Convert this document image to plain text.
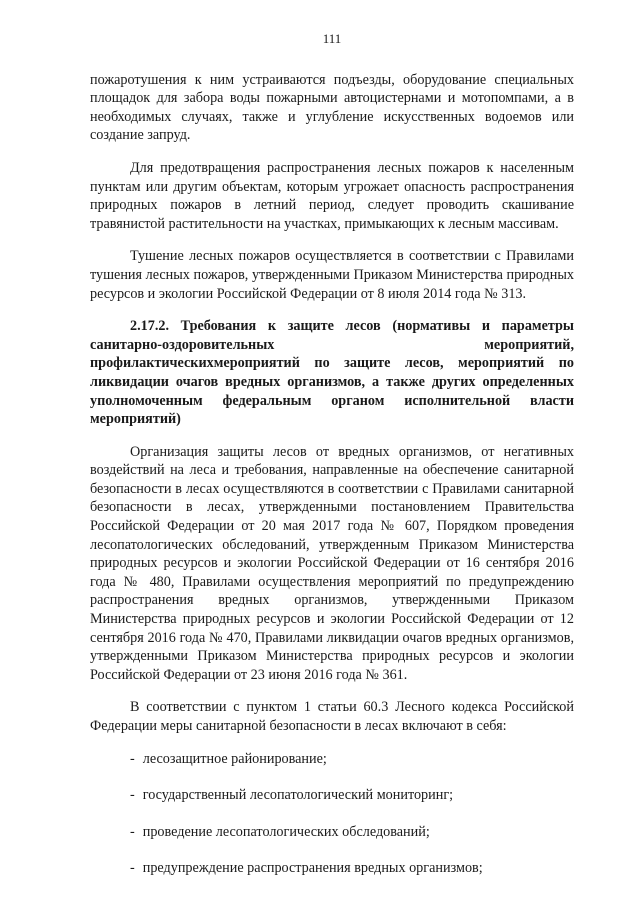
111

пожаротушения к ним устраиваются подъезды, оборудование специальных площадок для забора воды пожарными автоцистернами и мотопомпами, а в необходимых случаях, также и углубление искусственных водоемов или создание запруд.

Для предотвращения распространения лесных пожаров к населенным пунктам или другим объектам, которым угрожает опасность распространения природных пожаров в летний период, следует проводить скашивание травянистой растительности на участках, примыкающих к лесным массивам.

Тушение лесных пожаров осуществляется в соответствии с Правилами тушения лесных пожаров, утвержденными Приказом Министерства природных ресурсов и экологии Российской Федерации от 8 июля 2014 года № 313.

2.17.2. Требования к защите лесов (нормативы и параметры санитарно-оздоровительных мероприятий, профилактическихмероприятий по защите лесов, мероприятий по ликвидации очагов вредных организмов, а также других определенных уполномоченным федеральным органом исполнительной власти мероприятий)

Организация защиты лесов от вредных организмов, от негативных воздействий на леса и требования, направленные на обеспечение санитарной безопасности в лесах осуществляются в соответствии с Правилами санитарной безопасности в лесах, утвержденными постановлением Правительства Российской Федерации от 20 мая 2017 года № 607, Порядком проведения лесопатологических обследований, утвержденным Приказом Министерства природных ресурсов и экологии Российской Федерации от 16 сентября 2016 года № 480, Правилами осуществления мероприятий по предупреждению распространения вредных организмов, утвержденными Приказом Министерства природных ресурсов и экологии Российской Федерации от 12 сентября 2016 года № 470, Правилами ликвидации очагов вредных организмов, утвержденными Приказом Министерства природных ресурсов и экологии Российской Федерации от 23 июня 2016 года № 361.

В соответствии с пунктом 1 статьи 60.3 Лесного кодекса Российской Федерации меры санитарной безопасности в лесах включают в себя:

- лесозащитное районирование;
- государственный лесопатологический мониторинг;
- проведение лесопатологических обследований;
- предупреждение распространения вредных организмов;
